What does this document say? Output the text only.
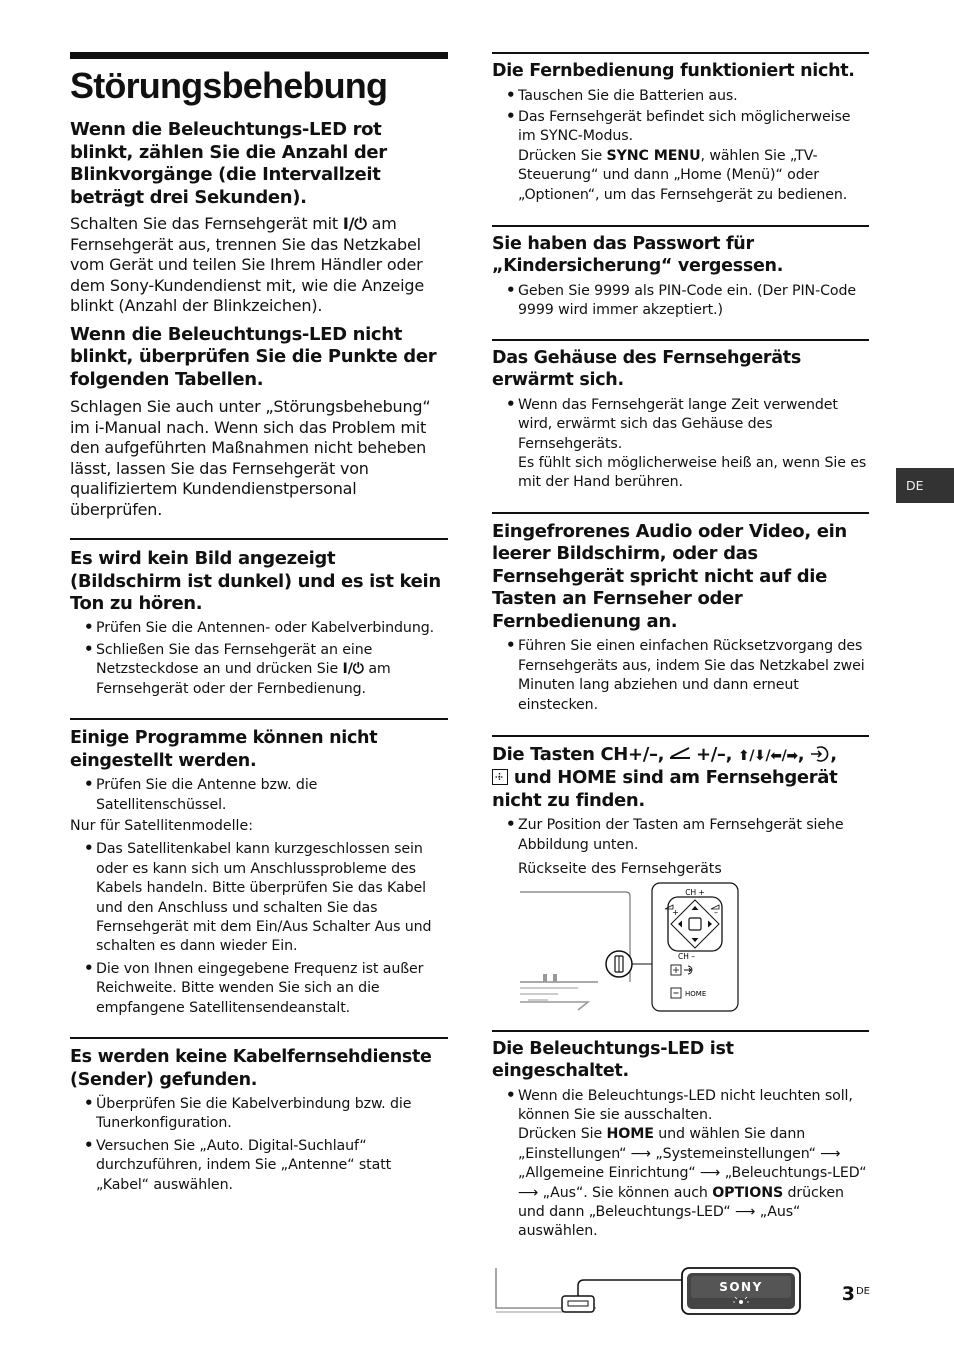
Störungsbehebung
Wenn die Beleuchtungs-LED rot blinkt, zählen Sie die Anzahl der Blinkvorgänge (die Intervallzeit beträgt drei Sekunden).
Schalten Sie das Fernsehgerät mit I/⏻ am Fernsehgerät aus, trennen Sie das Netzkabel vom Gerät und teilen Sie Ihrem Händler oder dem Sony-Kundendienst mit, wie die Anzeige blinkt (Anzahl der Blinkzeichen).
Wenn die Beleuchtungs-LED nicht blinkt, überprüfen Sie die Punkte der folgenden Tabellen.
Schlagen Sie auch unter „Störungsbehebung“ im i-Manual nach. Wenn sich das Problem mit den aufgeführten Maßnahmen nicht beheben lässt, lassen Sie das Fernsehgerät von qualifiziertem Kundendienstpersonal überprüfen.
Es wird kein Bild angezeigt (Bildschirm ist dunkel) und es ist kein Ton zu hören.
• Prüfen Sie die Antennen- oder Kabelverbindung.
• Schließen Sie das Fernsehgerät an eine Netzsteckdose an und drücken Sie I/⏻ am Fernsehgerät oder der Fernbedienung.
Einige Programme können nicht eingestellt werden.
• Prüfen Sie die Antenne bzw. die Satellitenschüssel.
Nur für Satellitenmodelle:
• Das Satellitenkabel kann kurzgeschlossen sein oder es kann sich um Anschlussprobleme des Kabels handeln. Bitte überprüfen Sie das Kabel und den Anschluss und schalten Sie das Fernsehgerät mit dem Ein/Aus Schalter Aus und schalten es dann wieder Ein.
• Die von Ihnen eingegebene Frequenz ist außer Reichweite. Bitte wenden Sie sich an die empfangene Satellitensendeanstalt.
Es werden keine Kabelfernsehdienste (Sender) gefunden.
• Überprüfen Sie die Kabelverbindung bzw. die Tunerkonfiguration.
• Versuchen Sie „Auto. Digital-Suchlauf“ durchzuführen, indem Sie „Antenne“ statt „Kabel“ auswählen.
Die Fernbedienung funktioniert nicht.
• Tauschen Sie die Batterien aus.
• Das Fernsehgerät befindet sich möglicherweise im SYNC-Modus.
Drücken Sie SYNC MENU, wählen Sie „TV-Steuerung“ und dann „Home (Menü)“ oder „Optionen“, um das Fernsehgerät zu bedienen.
Sie haben das Passwort für „Kindersicherung“ vergessen.
• Geben Sie 9999 als PIN-Code ein. (Der PIN-Code 9999 wird immer akzeptiert.)
Das Gehäuse des Fernsehgeräts erwärmt sich.
• Wenn das Fernsehgerät lange Zeit verwendet wird, erwärmt sich das Gehäuse des Fernsehgeräts.
Es fühlt sich möglicherweise heiß an, wenn Sie es mit der Hand berühren.
Eingefrorenes Audio oder Video, ein leerer Bildschirm, oder das Fernsehgerät spricht nicht auf die Tasten an Fernseher oder Fernbedienung an.
• Führen Sie einen einfachen Rücksetzvorgang des Fernsehgeräts aus, indem Sie das Netzkabel zwei Minuten lang abziehen und dann erneut einstecken.
Die Tasten CH+/–,
+/–, ⬆/⬇/⬅/➡, ,

und HOME sind am Fernsehgerät nicht zu finden.
• Zur Position der Tasten am Fernsehgerät siehe Abbildung unten.
Rückseite des Fernsehgeräts
CH +
+	–
CH –
HOME
Die Beleuchtungs-LED ist eingeschaltet.
• Wenn die Beleuchtungs-LED nicht leuchten soll, können Sie sie ausschalten.
Drücken Sie HOME und wählen Sie dann „Einstellungen“ ⟶ „Systemeinstellungen“ ⟶ „Allgemeine Einrichtung“ ⟶ „Beleuchtungs-LED“ ⟶ „Aus“. Sie können auch OPTIONS drücken und dann „Beleuchtungs-LED“ ⟶ „Aus“ auswählen.
SONY
DE
3DE
